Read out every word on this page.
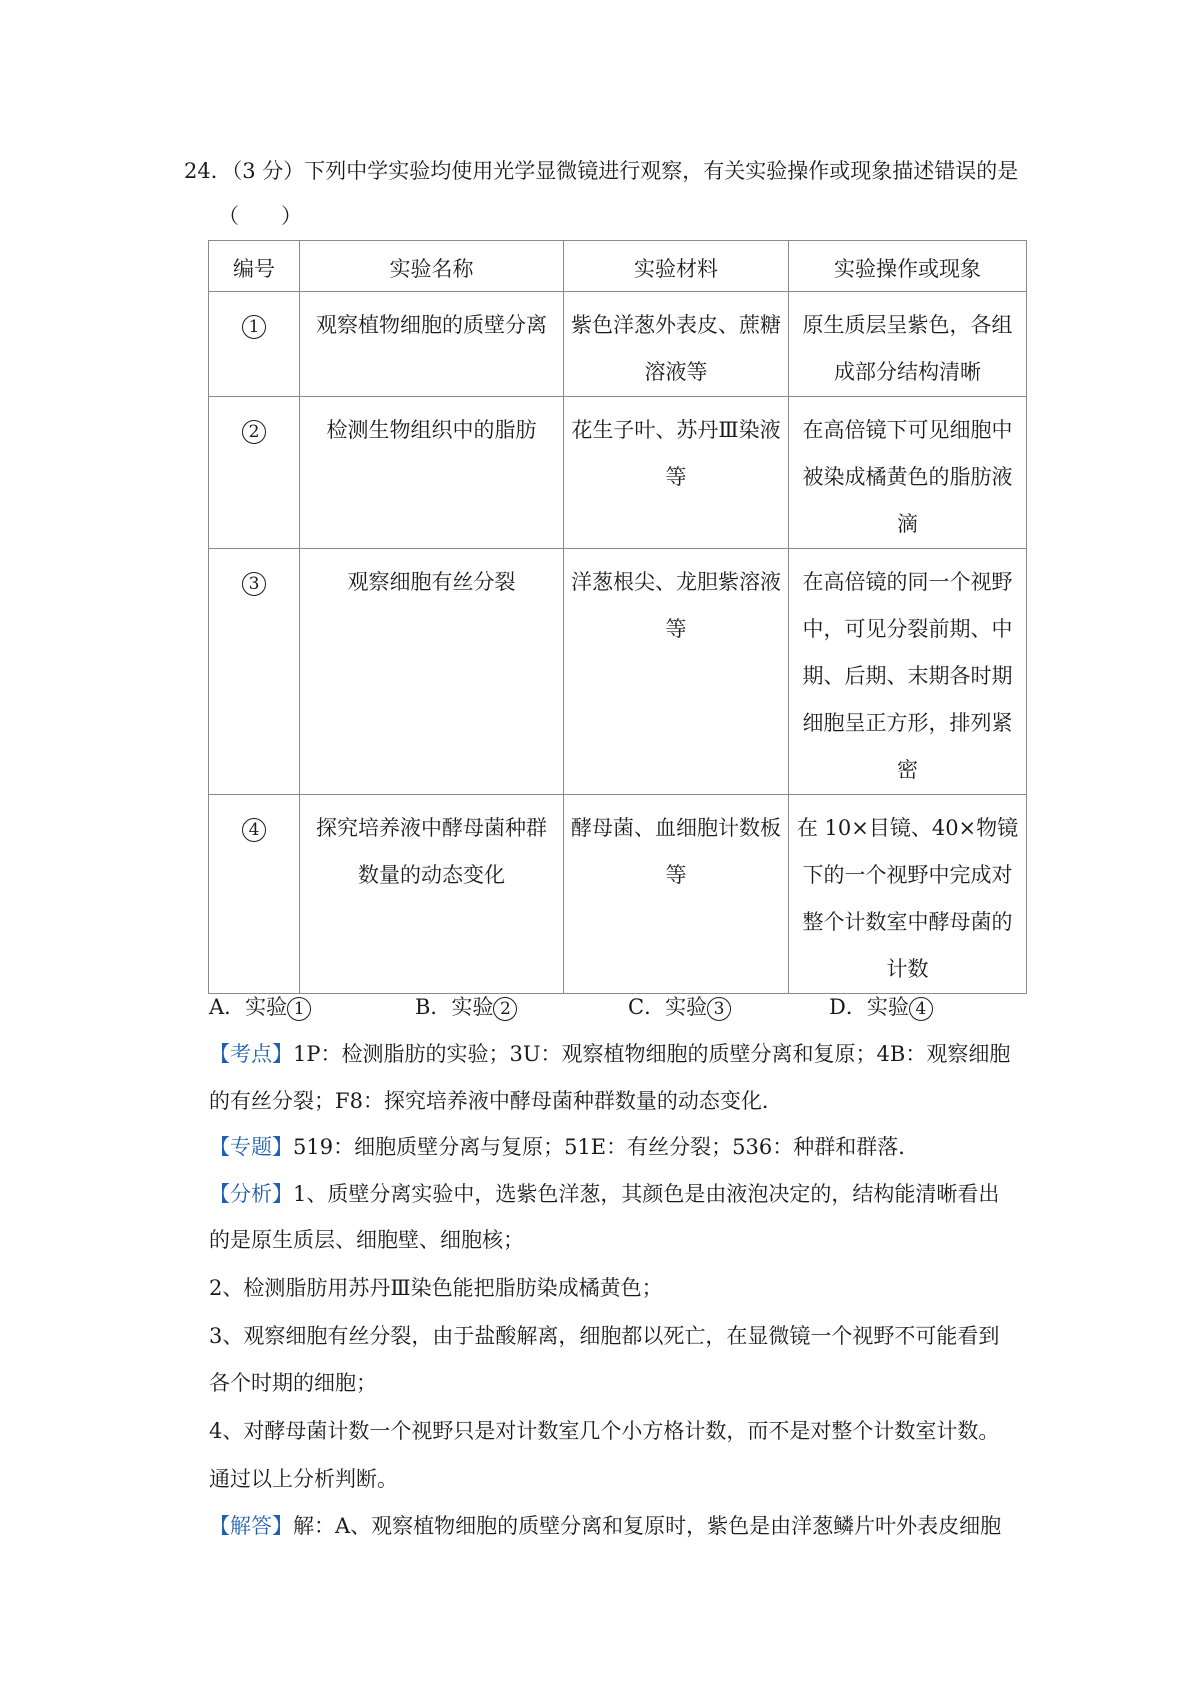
24．（3 分）下列中学实验均使用光学显微镜进行观察，有关实验操作或现象描述错误的是
（　　）
编号	实验名称	实验材料	实验操作或现象
1	观察植物细胞的质壁分离	紫色洋葱外表皮、蔗糖溶液等	原生质层呈紫色，各组成部分结构清晰
2	检测生物组织中的脂肪	花生子叶、苏丹Ⅲ染液等	在高倍镜下可见细胞中被染成橘黄色的脂肪液滴
3	观察细胞有丝分裂	洋葱根尖、龙胆紫溶液等	在高倍镜的同一个视野中，可见分裂前期、中期、后期、末期各时期细胞呈正方形，排列紧密
4	探究培养液中酵母菌种群数量的动态变化	酵母菌、血细胞计数板等	在 10×目镜、40×物镜下的一个视野中完成对整个计数室中酵母菌的计数
A．实验 1	B．实验 2	C．实验 3	D．实验 4
【考点】1P：检测脂肪的实验；3U：观察植物细胞的质壁分离和复原；4B：观察细胞
的有丝分裂；F8：探究培养液中酵母菌种群数量的动态变化．
【专题】519：细胞质壁分离与复原；51E：有丝分裂；536：种群和群落．
【分析】1、质壁分离实验中，选紫色洋葱，其颜色是由液泡决定的，结构能清晰看出
的是原生质层、细胞壁、细胞核；
2、检测脂肪用苏丹Ⅲ染色能把脂肪染成橘黄色；
3、观察细胞有丝分裂，由于盐酸解离，细胞都以死亡，在显微镜一个视野不可能看到
各个时期的细胞；
4、对酵母菌计数一个视野只是对计数室几个小方格计数，而不是对整个计数室计数。
通过以上分析判断。
【解答】解：A、观察植物细胞的质壁分离和复原时，紫色是由洋葱鳞片叶外表皮细胞
